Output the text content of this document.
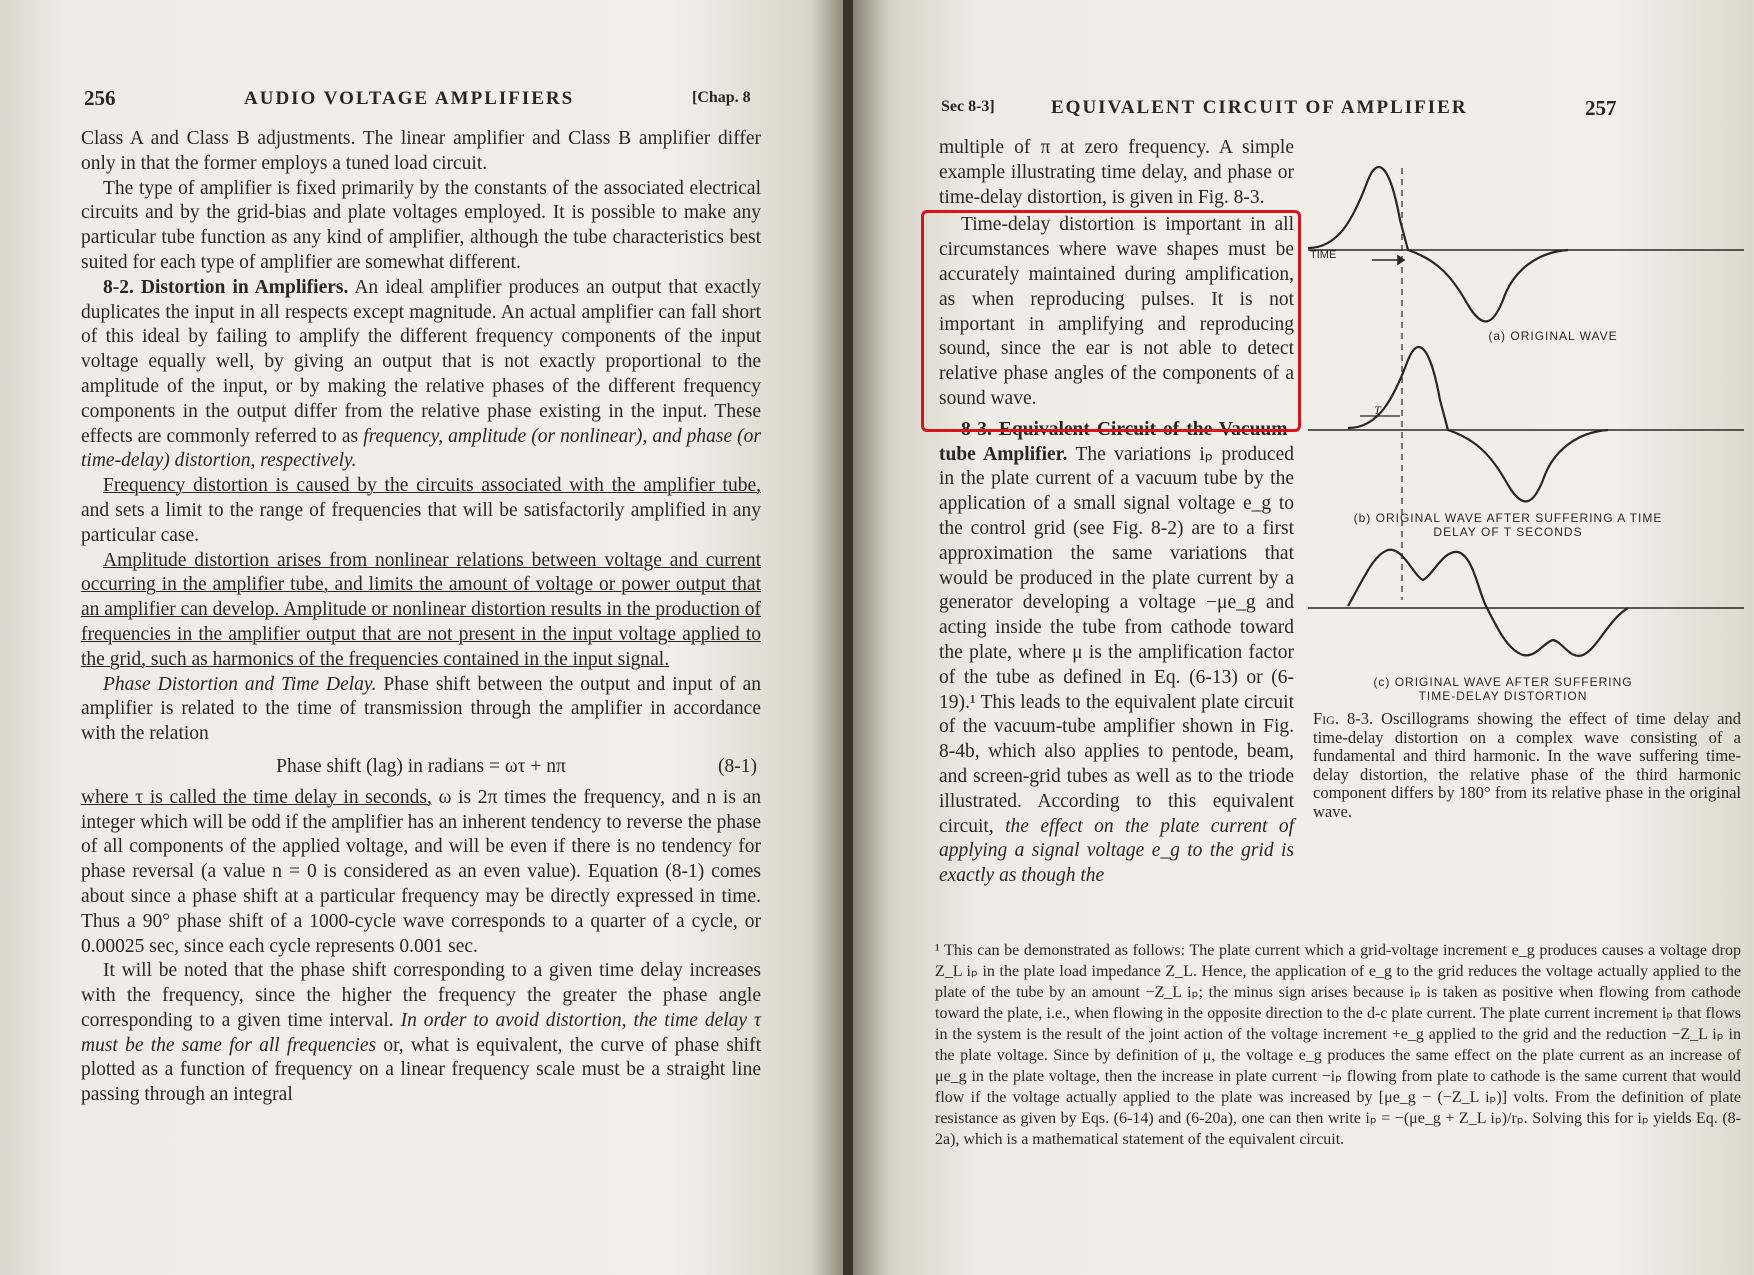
256	AUDIO VOLTAGE AMPLIFIERS	[Chap. 8

Class A and Class B adjustments. The linear amplifier and Class B amplifier differ only in that the former employs a tuned load circuit.

The type of amplifier is fixed primarily by the constants of the associated electrical circuits and by the grid-bias and plate voltages employed. It is possible to make any particular tube function as any kind of amplifier, although the tube characteristics best suited for each type of amplifier are somewhat different.

8-2. Distortion in Amplifiers. An ideal amplifier produces an output that exactly duplicates the input in all respects except magnitude. An actual amplifier can fall short of this ideal by failing to amplify the different frequency components of the input voltage equally well, by giving an output that is not exactly proportional to the amplitude of the input, or by making the relative phases of the different frequency components in the output differ from the relative phase existing in the input. These effects are commonly referred to as frequency, amplitude (or nonlinear), and phase (or time-delay) distortion, respectively.

Frequency distortion is caused by the circuits associated with the amplifier tube, and sets a limit to the range of frequencies that will be satisfactorily amplified in any particular case.

Amplitude distortion arises from nonlinear relations between voltage and current occurring in the amplifier tube, and limits the amount of voltage or power output that an amplifier can develop. Amplitude or nonlinear distortion results in the production of frequencies in the amplifier output that are not present in the input voltage applied to the grid, such as harmonics of the frequencies contained in the input signal.

Phase Distortion and Time Delay. Phase shift between the output and input of an amplifier is related to the time of transmission through the amplifier in accordance with the relation

Phase shift (lag) in radians = ωτ + nπ	(8-1)

where τ is called the time delay in seconds, ω is 2π times the frequency, and n is an integer which will be odd if the amplifier has an inherent tendency to reverse the phase of all components of the applied voltage, and will be even if there is no tendency for phase reversal (a value n = 0 is considered as an even value). Equation (8-1) comes about since a phase shift at a particular frequency may be directly expressed in time. Thus a 90° phase shift of a 1000-cycle wave corresponds to a quarter of a cycle, or 0.00025 sec, since each cycle represents 0.001 sec.

It will be noted that the phase shift corresponding to a given time delay increases with the frequency, since the higher the frequency the greater the phase angle corresponding to a given time interval. In order to avoid distortion, the time delay τ must be the same for all frequencies or, what is equivalent, the curve of phase shift plotted as a function of frequency on a linear frequency scale must be a straight line passing through an integral

Sec 8-3]	EQUIVALENT CIRCUIT OF AMPLIFIER	257

multiple of π at zero frequency. A simple example illustrating time delay, and phase or time-delay distortion, is given in Fig. 8-3.

Time-delay distortion is important in all circumstances where wave shapes must be accurately maintained during amplification, as when reproducing pulses. It is not important in amplifying and reproducing sound, since the ear is not able to detect relative phase angles of the components of a sound wave.

8-3. Equivalent Circuit of the Vacuum-tube Amplifier. The variations iₚ produced in the plate current of a vacuum tube by the application of a small signal voltage e_g to the control grid (see Fig. 8-2) are to a first approximation the same variations that would be produced in the plate current by a generator developing a voltage −μe_g and acting inside the tube from cathode toward the plate, where μ is the amplification factor of the tube as defined in Eq. (6-13) or (6-19).¹ This leads to the equivalent plate circuit of the vacuum-tube amplifier shown in Fig. 8-4b, which also applies to pentode, beam, and screen-grid tubes as well as to the triode illustrated. According to this equivalent circuit, the effect on the plate current of applying a signal voltage e_g to the grid is exactly as though the

TIME
T
(a) ORIGINAL WAVE
(b) ORIGINAL WAVE AFTER SUFFERING A TIME DELAY OF T SECONDS
(c) ORIGINAL WAVE AFTER SUFFERING TIME-DELAY DISTORTION
Fig. 8-3. Oscillograms showing the effect of time delay and time-delay distortion on a complex wave consisting of a fundamental and third harmonic. In the wave suffering time-delay distortion, the relative phase of the third harmonic component differs by 180° from its relative phase in the original wave.
¹ This can be demonstrated as follows: The plate current which a grid-voltage increment e_g produces causes a voltage drop Z_L iₚ in the plate load impedance Z_L. Hence, the application of e_g to the grid reduces the voltage actually applied to the plate of the tube by an amount −Z_L iₚ; the minus sign arises because iₚ is taken as positive when flowing from cathode toward the plate, i.e., when flowing in the opposite direction to the d-c plate current. The plate current increment iₚ that flows in the system is the result of the joint action of the voltage increment +e_g applied to the grid and the reduction −Z_L iₚ in the plate voltage. Since by definition of μ, the voltage e_g produces the same effect on the plate current as an increase of μe_g in the plate voltage, then the increase in plate current −iₚ flowing from plate to cathode is the same current that would flow if the voltage actually applied to the plate was increased by [μe_g − (−Z_L iₚ)] volts. From the definition of plate resistance as given by Eqs. (6-14) and (6-20a), one can then write iₚ = −(μe_g + Z_L iₚ)/rₚ. Solving this for iₚ yields Eq. (8-2a), which is a mathematical statement of the equivalent circuit.
